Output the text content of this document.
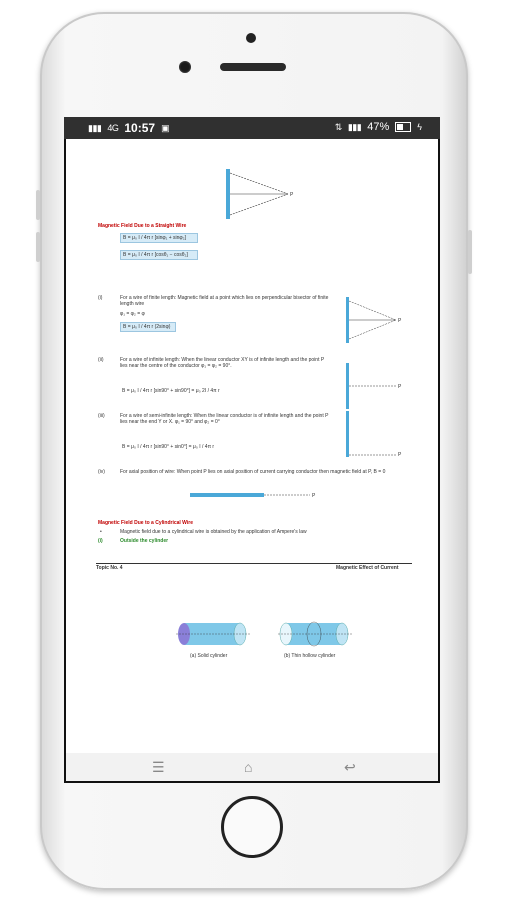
▮▮▮ 4G 10:57 ▣	⇅ ▮▮▮ 47%	ϟ
P
Magnetic Field Due to a Straight Wire
B = μ₀ I / 4π r [sinφ₁ + sinφ₂]
B = μ₀ I / 4π r [cosθ₁ − cosθ₂]
(i)	For a wire of finite length: Magnetic field at a point which lies on perpendicular bisector of finite length wire
φ₁ = φ₂ = φ
B = μ₀ I / 4π r (2sinφ)
P
(ii)	For a wire of infinite length: When the linear conductor XY is of infinite length and the point P lies near the centre of the conductor φ₁ = φ₂ = 90°.
B = μ₀ I / 4π r [sin90° + sin90°] = μ₀ 2I / 4π r
P
(iii)	For a wire of semi-infinite length: When the linear conductor is of infinite length and the point P lies near the end Y or X. φ₁ = 90° and φ₂ = 0°
B = μ₀ I / 4π r [sin90° + sin0°] = μ₀ I / 4π r
P
(iv)	For axial position of wire: When point P lies on axial position of current carrying conductor then magnetic field at P, B = 0
P
Magnetic Field Due to a Cylindrical Wire
•	Magnetic field due to a cylindrical wire is obtained by the application of Ampere's law
(i)	Outside the cylinder
Topic No. 4	Magnetic Effect of Current
(a) Solid cylinder	(b) Thin hollow cylinder
☰	⌂	↩
